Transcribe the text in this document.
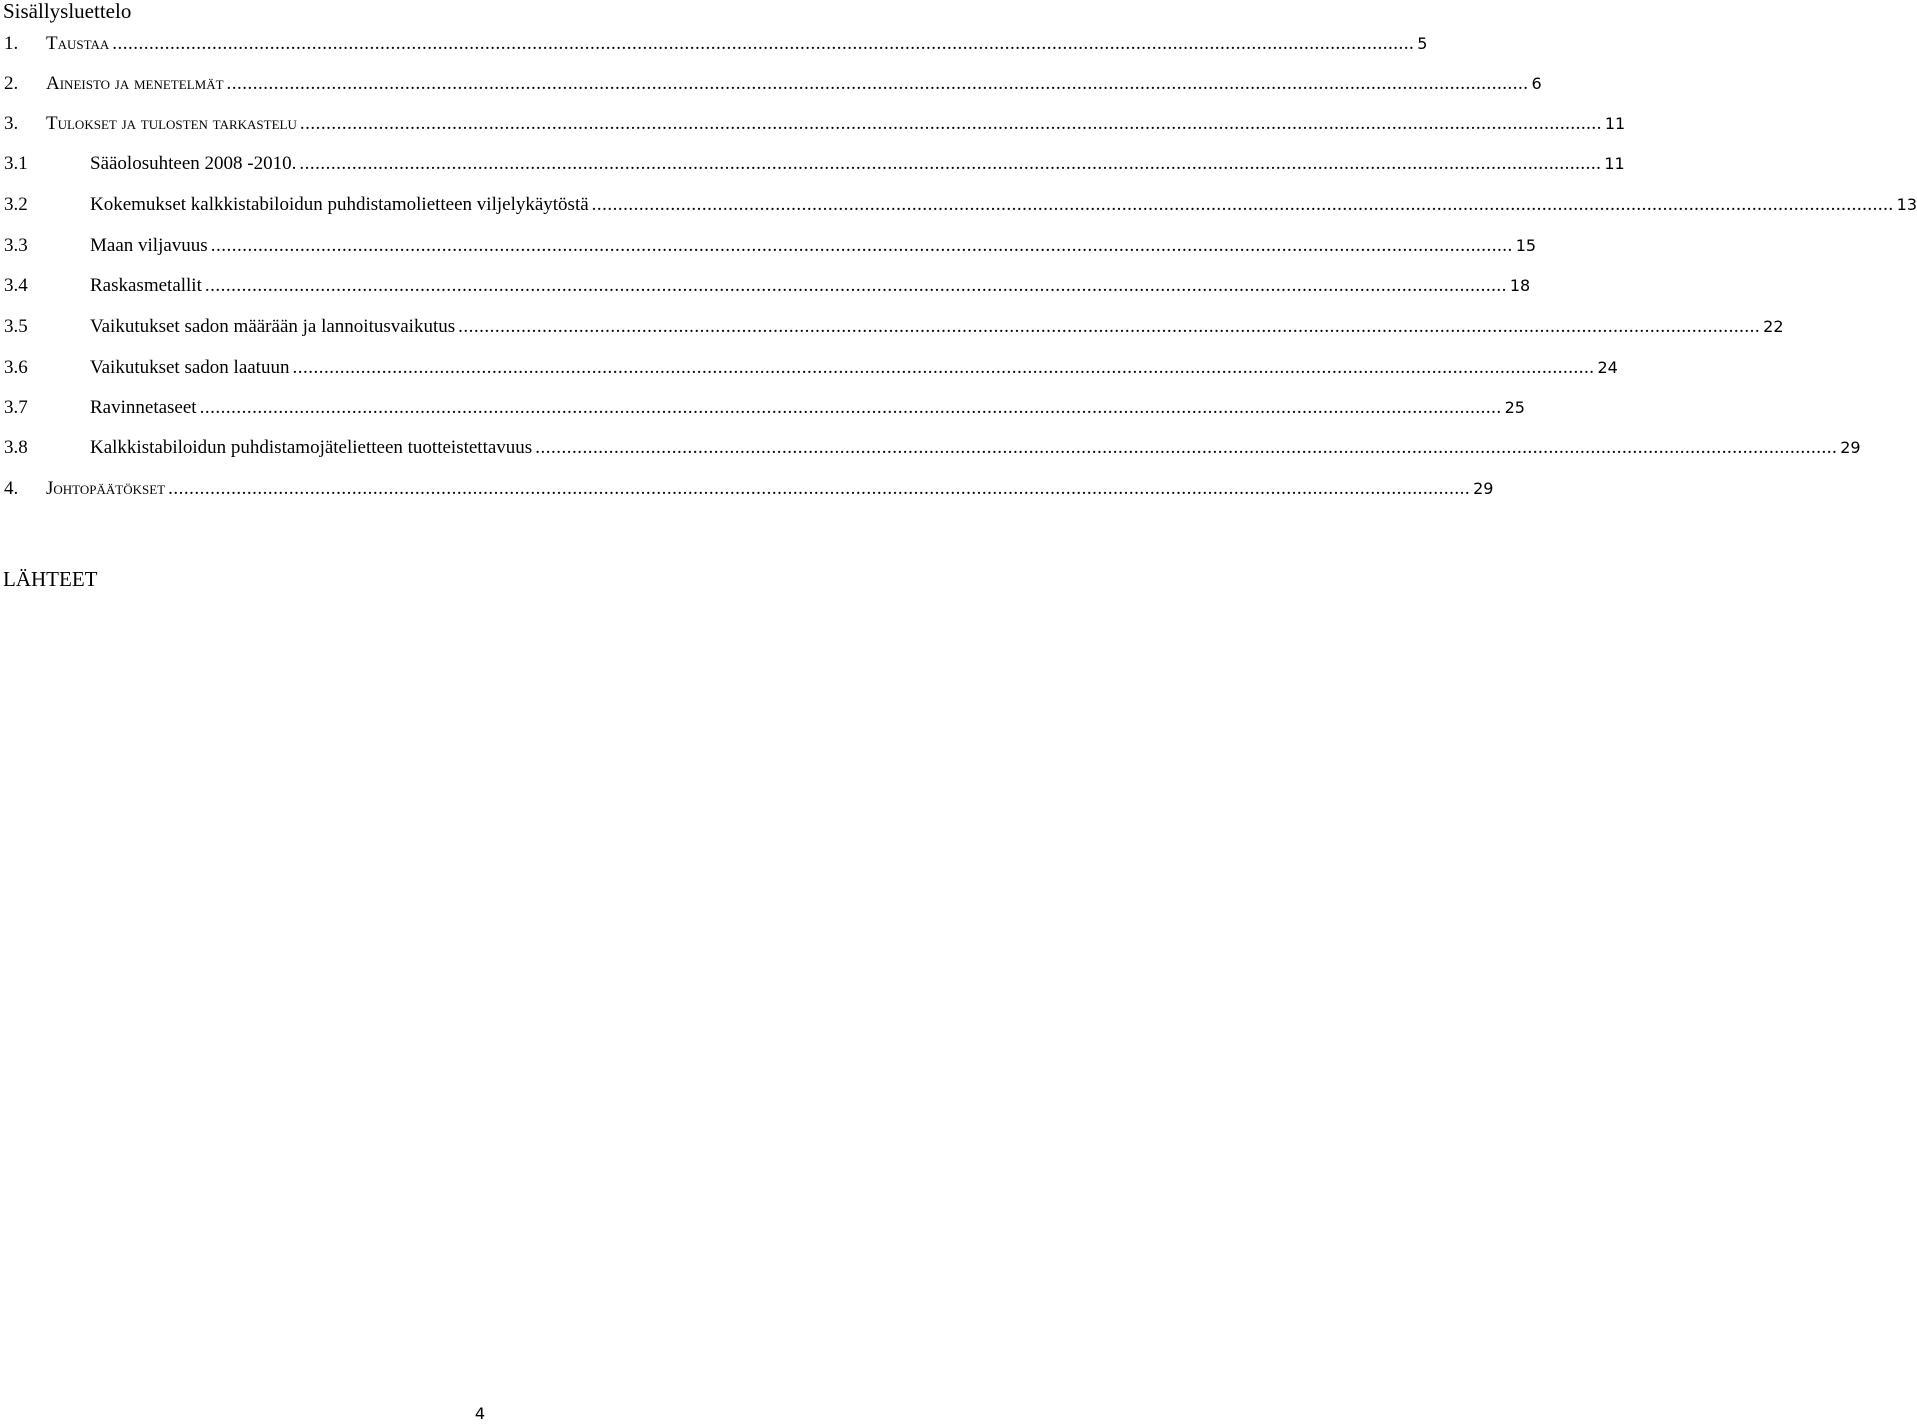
Sisällysluettelo
1.	Taustaa ........................................................................................................................................................................................................................................................ 5
2.	Aineisto ja menetelmät ........................................................................................................................................................................................................................................................ 6
3.	Tulokset ja tulosten tarkastelu ........................................................................................................................................................................................................................................................ 11
3.1	Sääolosuhteen 2008 -2010. ........................................................................................................................................................................................................................................................ 11
3.2	Kokemukset kalkkistabiloidun puhdistamolietteen viljelykäytöstä ........................................................................................................................................................................................................................................................ 13
3.3	Maan viljavuus ........................................................................................................................................................................................................................................................ 15
3.4	Raskasmetallit ........................................................................................................................................................................................................................................................ 18
3.5	Vaikutukset sadon määrään ja lannoitusvaikutus ........................................................................................................................................................................................................................................................ 22
3.6	Vaikutukset sadon laatuun ........................................................................................................................................................................................................................................................ 24
3.7	Ravinnetaseet ........................................................................................................................................................................................................................................................ 25
3.8	Kalkkistabiloidun puhdistamojätelietteen tuotteistettavuus ........................................................................................................................................................................................................................................................ 29
4.	Johtopäätökset ........................................................................................................................................................................................................................................................ 29
LÄHTEET
4
